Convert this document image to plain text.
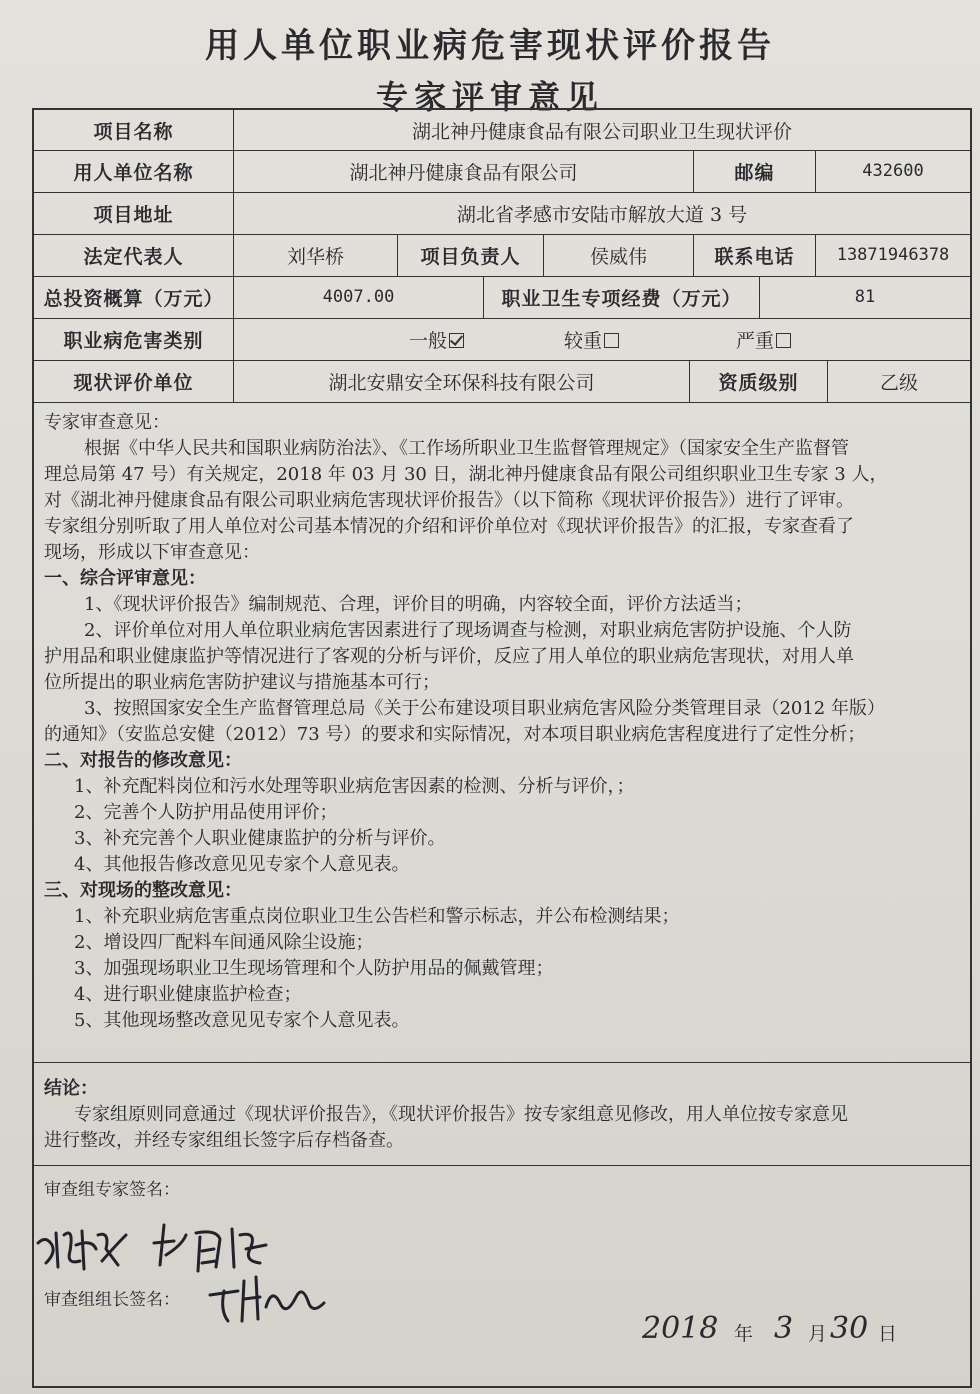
用人单位职业病危害现状评价报告
专家评审意见
项目名称	湖北神丹健康食品有限公司职业卫生现状评价
用人单位名称	湖北神丹健康食品有限公司	邮编	432600
项目地址	湖北省孝感市安陆市解放大道 3 号
法定代表人	刘华桥	项目负责人	侯威伟	联系电话	13871946378
总投资概算（万元）	4007.00	职业卫生专项经费（万元）	81
职业病危害类别	一般	较重	严重
现状评价单位	湖北安鼎安全环保科技有限公司	资质级别	乙级
专家审查意见：
根据《中华人民共和国职业病防治法》、《工作场所职业卫生监督管理规定》（国家安全生产监督管
理总局第 47 号）有关规定，2018 年 03 月 30 日，湖北神丹健康食品有限公司组织职业卫生专家 3 人，
对《湖北神丹健康食品有限公司职业病危害现状评价报告》（以下简称《现状评价报告》）进行了评审。
专家组分别听取了用人单位对公司基本情况的介绍和评价单位对《现状评价报告》的汇报，专家查看了
现场，形成以下审查意见：
一、综合评审意见：
1、《现状评价报告》编制规范、合理，评价目的明确，内容较全面，评价方法适当；
2、评价单位对用人单位职业病危害因素进行了现场调查与检测，对职业病危害防护设施、个人防
护用品和职业健康监护等情况进行了客观的分析与评价，反应了用人单位的职业病危害现状，对用人单
位所提出的职业病危害防护建议与措施基本可行；
3、按照国家安全生产监督管理总局《关于公布建设项目职业病危害风险分类管理目录（2012 年版）
的通知》（安监总安健（2012）73 号）的要求和实际情况，对本项目职业病危害程度进行了定性分析；
二、对报告的修改意见：
1、补充配料岗位和污水处理等职业病危害因素的检测、分析与评价，；
2、完善个人防护用品使用评价；
3、补充完善个人职业健康监护的分析与评价。
4、其他报告修改意见见专家个人意见表。
三、对现场的整改意见：
1、补充职业病危害重点岗位职业卫生公告栏和警示标志，并公布检测结果；
2、增设四厂配料车间通风除尘设施；
3、加强现场职业卫生现场管理和个人防护用品的佩戴管理；
4、进行职业健康监护检查；
5、其他现场整改意见见专家个人意见表。
结论：
专家组原则同意通过《现状评价报告》，《现状评价报告》按专家组意见修改，用人单位按专家意见
进行整改，并经专家组组长签字后存档备查。
审查组专家签名：
审查组组长签名：
2018 年 3 月 30 日
